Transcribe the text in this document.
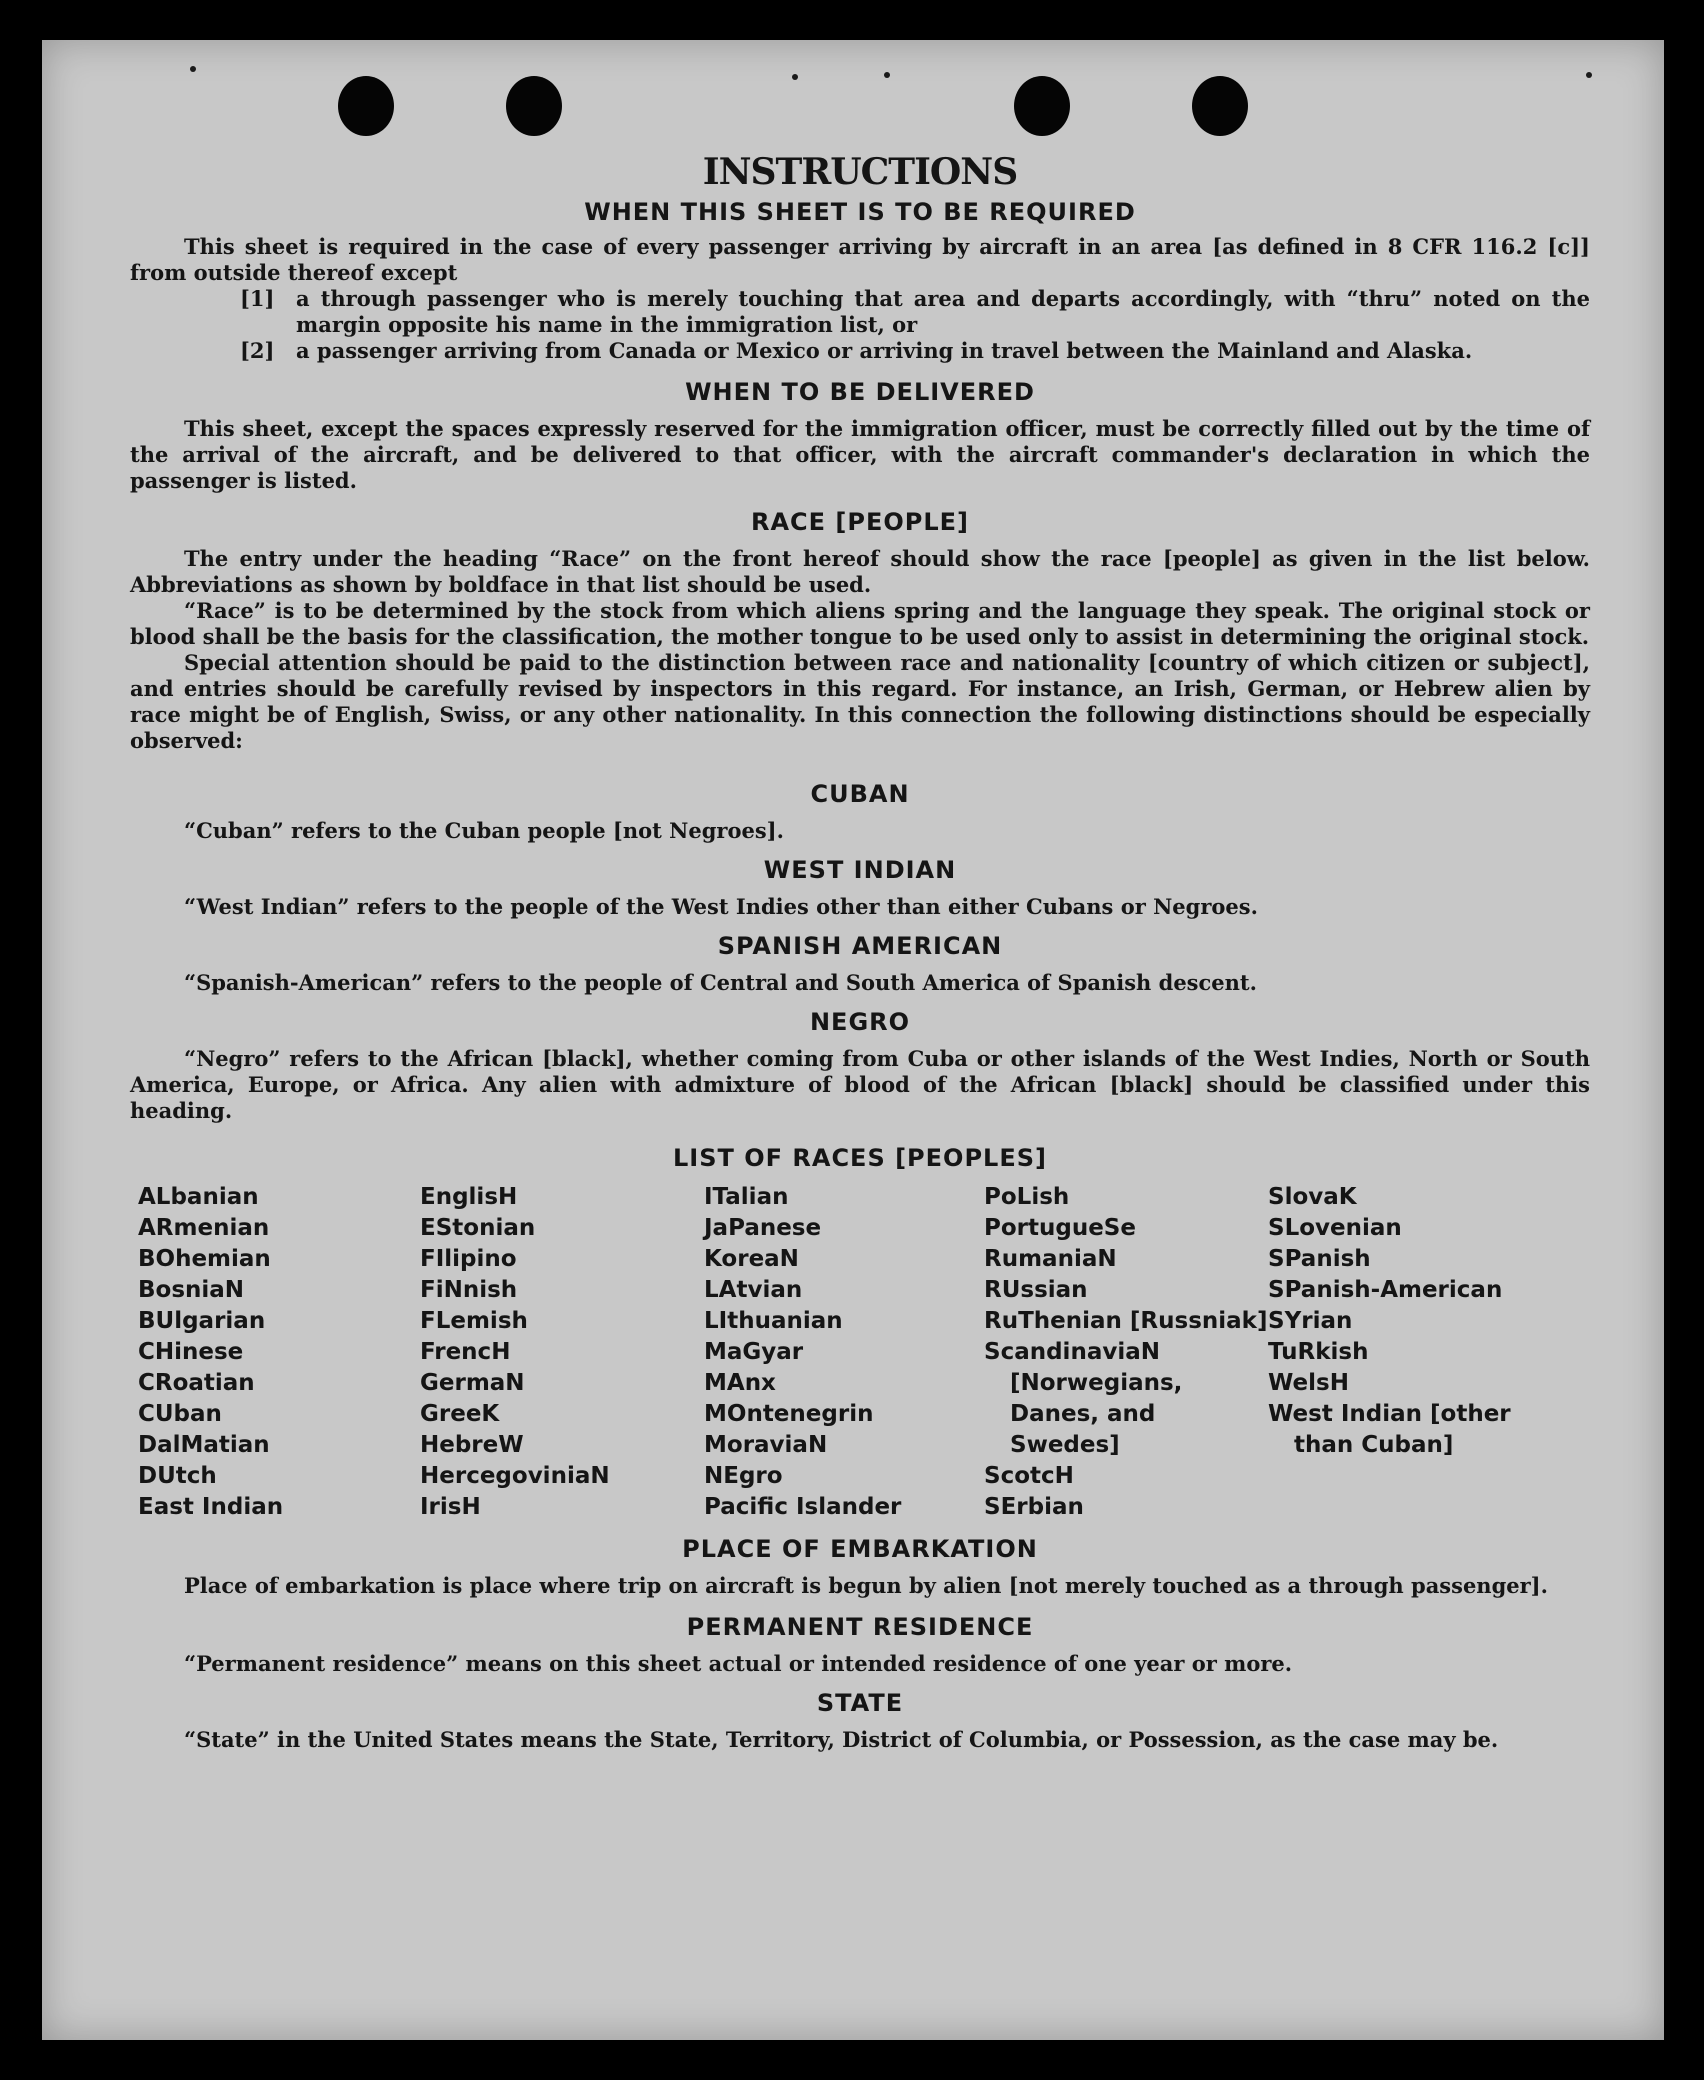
INSTRUCTIONS
WHEN THIS SHEET IS TO BE REQUIRED

This sheet is required in the case of every passenger arriving by aircraft in an area [as defined in 8 CFR 116.2 [c]] from outside thereof except

[1]	a through passenger who is merely touching that area and departs accordingly, with “thru” noted on the margin opposite his name in the immigration list, or

[2]	a passenger arriving from Canada or Mexico or arriving in travel between the Mainland and Alaska.

WHEN TO BE DELIVERED

This sheet, except the spaces expressly reserved for the immigration officer, must be correctly filled out by the time of the arrival of the aircraft, and be delivered to that officer, with the aircraft commander's declaration in which the passenger is listed.

RACE [PEOPLE]

The entry under the heading “Race” on the front hereof should show the race [people] as given in the list below. Abbreviations as shown by boldface in that list should be used.

“Race” is to be determined by the stock from which aliens spring and the language they speak. The original stock or blood shall be the basis for the classification, the mother tongue to be used only to assist in determining the original stock.

Special attention should be paid to the distinction between race and nationality [country of which citizen or subject], and entries should be carefully revised by inspectors in this regard. For instance, an Irish, German, or Hebrew alien by race might be of English, Swiss, or any other nationality. In this connection the following distinctions should be especially observed:

CUBAN

“Cuban” refers to the Cuban people [not Negroes].

WEST INDIAN

“West Indian” refers to the people of the West Indies other than either Cubans or Negroes.

SPANISH AMERICAN

“Spanish-American” refers to the people of Central and South America of Spanish descent.

NEGRO

“Negro” refers to the African [black], whether coming from Cuba or other islands of the West Indies, North or South America, Europe, or Africa. Any alien with admixture of blood of the African [black] should be classified under this heading.

LIST OF RACES [PEOPLES]
ALbanian
ARmenian
BOhemian
BosniaN
BUlgarian
CHinese
CRoatian
CUban
DalMatian
DUtch
East Indian
EnglisH
EStonian
FIlipino
FiNnish
FLemish
FrencH
GermaN
GreeK
HebreW
HercegoviniaN
IrisH
ITalian
JaPanese
KoreaN
LAtvian
LIthuanian
MaGyar
MAnx
MOntenegrin
MoraviaN
NEgro
Pacific Islander
PoLish
PortugueSe
RumaniaN
RUssian
RuThenian [Russniak]
ScandinaviaN [Norwegians, Danes, and Swedes]
ScotcH
SErbian
SlovaK
SLovenian
SPanish
SPanish-American
SYrian
TuRkish
WelsH
West Indian [other than Cuban]
PLACE OF EMBARKATION

Place of embarkation is place where trip on aircraft is begun by alien [not merely touched as a through passenger].

PERMANENT RESIDENCE

“Permanent residence” means on this sheet actual or intended residence of one year or more.

STATE

“State” in the United States means the State, Territory, District of Columbia, or Possession, as the case may be.
